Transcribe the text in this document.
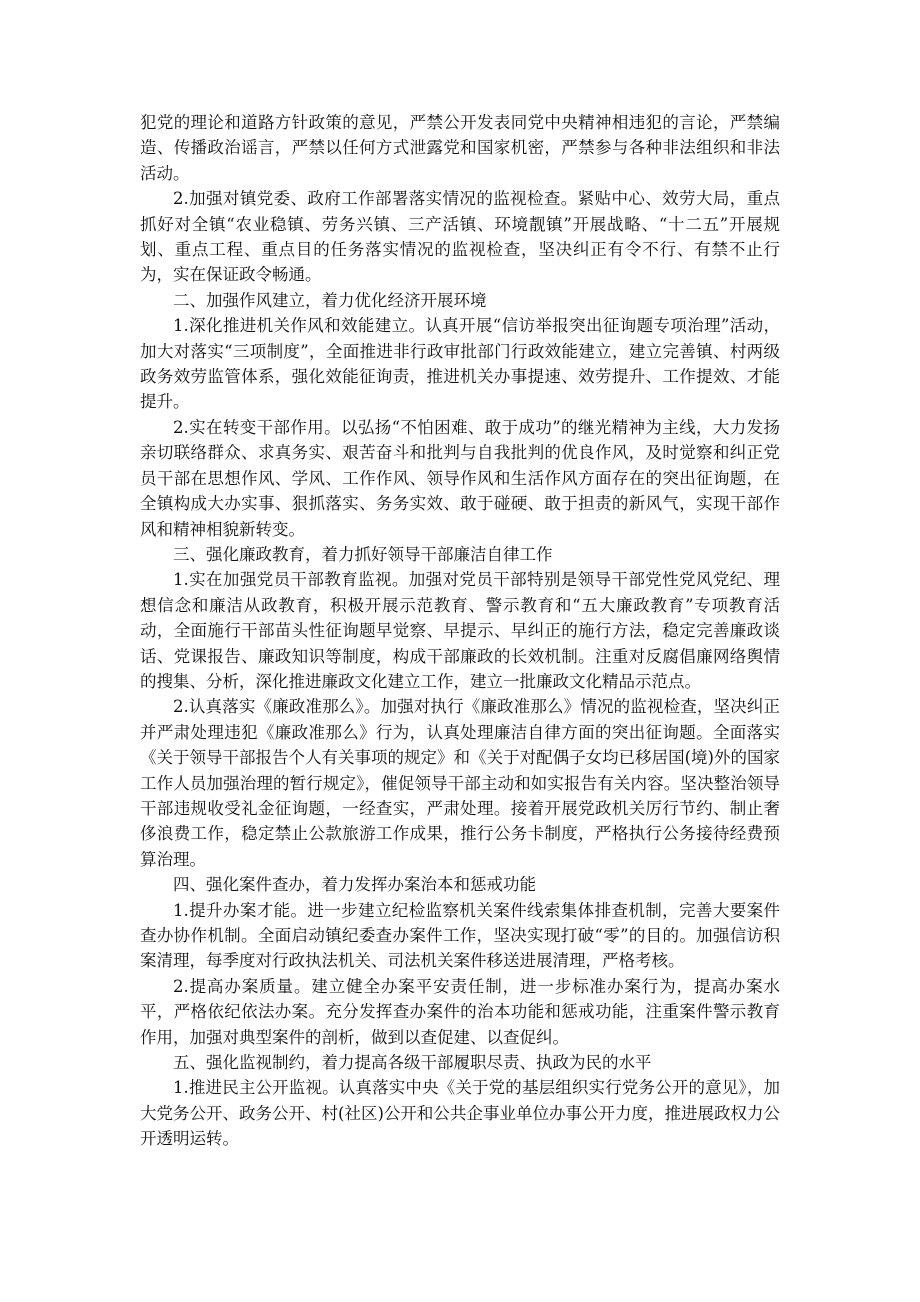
犯党的理论和道路方针政策的意见，严禁公开发表同党中央精神相违犯的言论，严禁编造、传播政治谣言，严禁以任何方式泄露党和国家机密，严禁参与各种非法组织和非法活动。

2.加强对镇党委、政府工作部署落实情况的监视检查。紧贴中心、效劳大局，重点抓好对全镇“农业稳镇、劳务兴镇、三产活镇、环境靓镇”开展战略、“十二五”开展规划、重点工程、重点目的任务落实情况的监视检查，坚决纠正有令不行、有禁不止行为，实在保证政令畅通。

二、加强作风建立，着力优化经济开展环境

1.深化推进机关作风和效能建立。认真开展“信访举报突出征询题专项治理”活动，加大对落实“三项制度”，全面推进非行政审批部门行政效能建立，建立完善镇、村两级政务效劳监管体系，强化效能征询责，推进机关办事提速、效劳提升、工作提效、才能提升。

2.实在转变干部作用。以弘扬“不怕困难、敢于成功”的继光精神为主线，大力发扬亲切联络群众、求真务实、艰苦奋斗和批判与自我批判的优良作风，及时觉察和纠正党员干部在思想作风、学风、工作作风、领导作风和生活作风方面存在的突出征询题，在全镇构成大办实事、狠抓落实、务务实效、敢于碰硬、敢于担责的新风气，实现干部作风和精神相貌新转变。

三、强化廉政教育，着力抓好领导干部廉洁自律工作

1.实在加强党员干部教育监视。加强对党员干部特别是领导干部党性党风党纪、理想信念和廉洁从政教育，积极开展示范教育、警示教育和“五大廉政教育”专项教育活动，全面施行干部苗头性征询题早觉察、早提示、早纠正的施行方法，稳定完善廉政谈话、党课报告、廉政知识等制度，构成干部廉政的长效机制。注重对反腐倡廉网络舆情的搜集、分析，深化推进廉政文化建立工作，建立一批廉政文化精品示范点。

2.认真落实《廉政准那么》。加强对执行《廉政准那么》情况的监视检查，坚决纠正并严肃处理违犯《廉政准那么》行为，认真处理廉洁自律方面的突出征询题。全面落实《关于领导干部报告个人有关事项的规定》和《关于对配偶子女均已移居国(境)外的国家工作人员加强治理的暂行规定》，催促领导干部主动和如实报告有关内容。坚决整治领导干部违规收受礼金征询题，一经查实，严肃处理。接着开展党政机关厉行节约、制止奢侈浪费工作，稳定禁止公款旅游工作成果，推行公务卡制度，严格执行公务接待经费预算治理。

四、强化案件查办，着力发挥办案治本和惩戒功能

1.提升办案才能。进一步建立纪检监察机关案件线索集体排查机制，完善大要案件查办协作机制。全面启动镇纪委查办案件工作，坚决实现打破“零”的目的。加强信访积案清理，每季度对行政执法机关、司法机关案件移送进展清理，严格考核。

2.提高办案质量。建立健全办案平安责任制，进一步标准办案行为，提高办案水平，严格依纪依法办案。充分发挥查办案件的治本功能和惩戒功能，注重案件警示教育作用，加强对典型案件的剖析，做到以查促建、以查促纠。

五、强化监视制约，着力提高各级干部履职尽责、执政为民的水平

1.推进民主公开监视。认真落实中央《关于党的基层组织实行党务公开的意见》，加大党务公开、政务公开、村(社区)公开和公共企事业单位办事公开力度，推进展政权力公开透明运转。
